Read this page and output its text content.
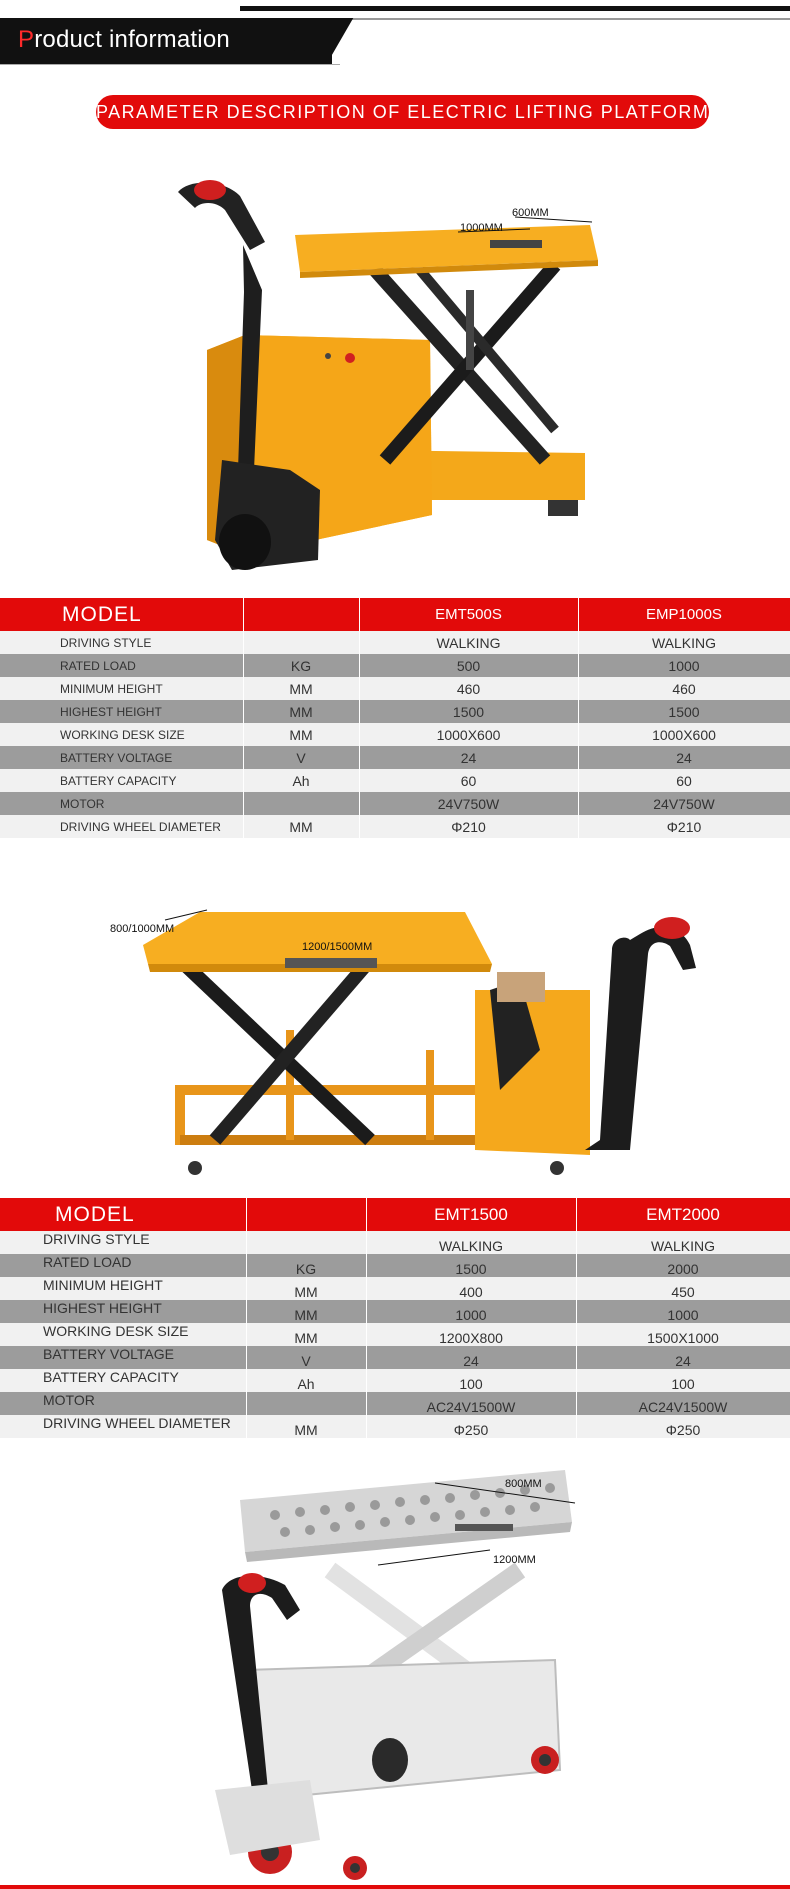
Product information
PARAMETER DESCRIPTION OF ELECTRIC LIFTING PLATFORM
600MM
1000MM
MODEL		EMT500S	EMP1000S
DRIVING STYLE		WALKING	WALKING
RATED LOAD	KG	500	1000
MINIMUM HEIGHT	MM	460	460
HIGHEST HEIGHT	MM	1500	1500
WORKING DESK SIZE	MM	1000X600	1000X600
BATTERY VOLTAGE	V	24	24
BATTERY CAPACITY	Ah	60	60
MOTOR		24V750W	24V750W
DRIVING WHEEL DIAMETER	MM	Φ210	Φ210
800/1000MM
1200/1500MM
MODEL		EMT1500	EMT2000
DRIVING STYLE		WALKING	WALKING
RATED LOAD	KG	1500	2000
MINIMUM HEIGHT	MM	400	450
HIGHEST HEIGHT	MM	1000	1000
WORKING DESK SIZE	MM	1200X800	1500X1000
BATTERY VOLTAGE	V	24	24
BATTERY CAPACITY	Ah	100	100
MOTOR		AC24V1500W	AC24V1500W
DRIVING WHEEL DIAMETER	MM	Φ250	Φ250
800MM
1200MM
